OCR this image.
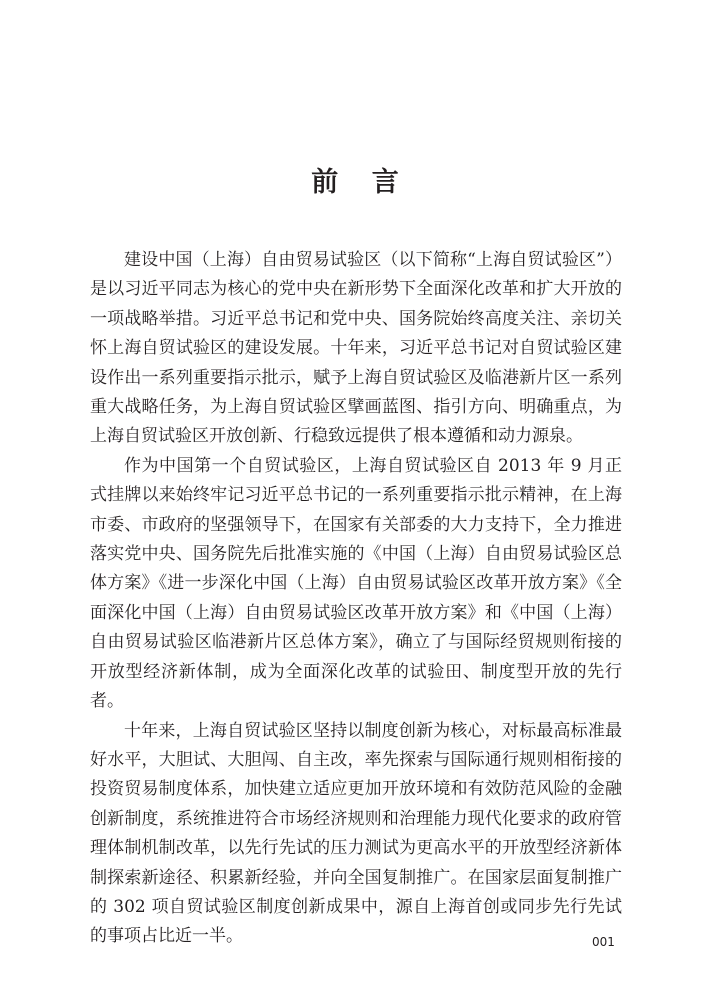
前 言

建设中国（上海）自由贸易试验区（以下简称“上海自贸试验区”）是以习近平同志为核心的党中央在新形势下全面深化改革和扩大开放的一项战略举措。习近平总书记和党中央、国务院始终高度关注、亲切关怀上海自贸试验区的建设发展。十年来，习近平总书记对自贸试验区建设作出一系列重要指示批示，赋予上海自贸试验区及临港新片区一系列重大战略任务，为上海自贸试验区擘画蓝图、指引方向、明确重点，为上海自贸试验区开放创新、行稳致远提供了根本遵循和动力源泉。

作为中国第一个自贸试验区，上海自贸试验区自 2013 年 9 月正式挂牌以来始终牢记习近平总书记的一系列重要指示批示精神，在上海市委、市政府的坚强领导下，在国家有关部委的大力支持下，全力推进落实党中央、国务院先后批准实施的《中国（上海）自由贸易试验区总体方案》《进一步深化中国（上海）自由贸易试验区改革开放方案》《全面深化中国（上海）自由贸易试验区改革开放方案》和《中国（上海）自由贸易试验区临港新片区总体方案》，确立了与国际经贸规则衔接的开放型经济新体制，成为全面深化改革的试验田、制度型开放的先行者。

十年来，上海自贸试验区坚持以制度创新为核心，对标最高标准最好水平，大胆试、大胆闯、自主改，率先探索与国际通行规则相衔接的投资贸易制度体系，加快建立适应更加开放环境和有效防范风险的金融创新制度，系统推进符合市场经济规则和治理能力现代化要求的政府管理体制机制改革，以先行先试的压力测试为更高水平的开放型经济新体制探索新途径、积累新经验，并向全国复制推广。在国家层面复制推广的 302 项自贸试验区制度创新成果中，源自上海首创或同步先行先试的事项占比近一半。	001
